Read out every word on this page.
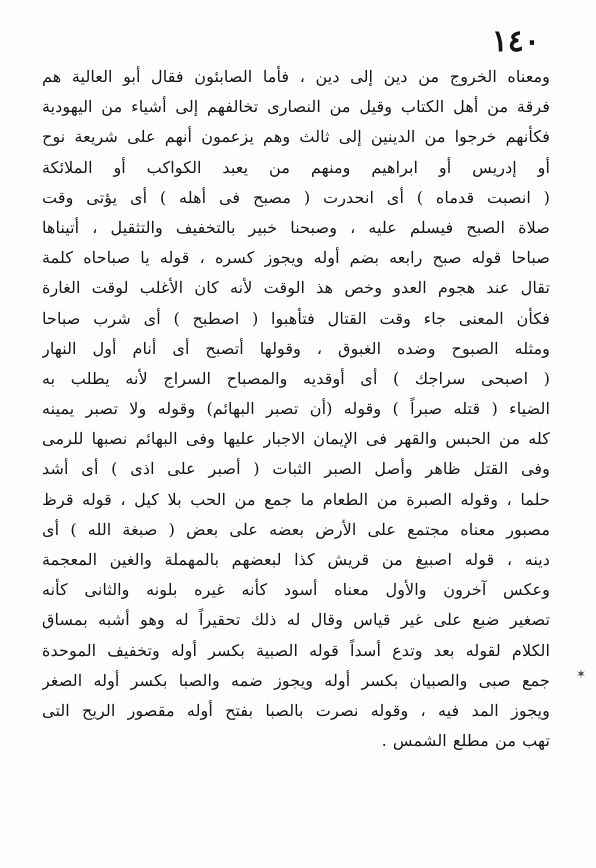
١٤٠
ومعناه الخروج من دين إلى دين ، فأما الصابئون فقال أبو العالية هم
فرقة من أهل الكتاب وقيل من النصارى تخالفهم إلى أشياء من اليهودية
فكأنهم خرجوا من الدينين إلى ثالث وهم يزعمون أنهم على شريعة نوح
أو إدريس أو ابراهيم ومنهم من يعبد الكواكب أو الملائكة
( انصبت قدماه ) أى انحدرت ( مصبح فى أهله ) أى يؤتى وقت
صلاة الصبح فيسلم عليه ، وصبحنا خبير بالتخفيف والتثقيل ، أتيناها
صباحا قوله صبح رابعه بضم أوله ويجوز كسره ، قوله يا صباحاه كلمة
تقال عند هجوم العدو وخص هذ الوقت لأنه كان الأغلب لوقت الغارة
فكأن المعنى جاء وقت القتال فتأهبوا ( اصطبح ) أى شرب صباحا
ومثله الصبوح وضده الغبوق ، وقولها أتصبح أى أنام أول النهار
( اصبحى سراجك ) أى أوقديه والمصباح السراج لأنه يطلب به
الضياء ( قتله صبراً ) وقوله (أن تصبر البهائم) وقوله ولا تصبر يمينه
كله من الحبس والقهر فى الإيمان الاجبار عليها وفى البهائم نصبها للرمى
وفى القتل ظاهر وأصل الصبر الثبات ( أصبر على اذى ) أى أشد
حلما ، وقوله الصبرة من الطعام ما جمع من الحب بلا كيل ، قوله قرظ
مصبور معناه مجتمع على الأرض بعضه على بعض ( صبغة الله ) أى
دينه ، قوله اصبيغ من قريش كذا لبعضهم بالمهملة والغين المعجمة
وعكس آخرون والأول معناه أسود كأنه غيره بلونه والثانى كأنه
تصغير ضبع على غير قياس وقال له ذلك تحقيراً له وهو أشبه بمساق
الكلام لقوله بعد وتدع أسداً قوله الصبية بكسر أوله وتخفيف الموحدة
جمع صبى والصبيان بكسر أوله ويجوز ضمه والصبا بكسر أوله الصغر
ويجوز المد فيه ، وقوله نصرت بالصبا بفتح أوله مقصور الريح التى
تهب من مطلع الشمس .
✶
